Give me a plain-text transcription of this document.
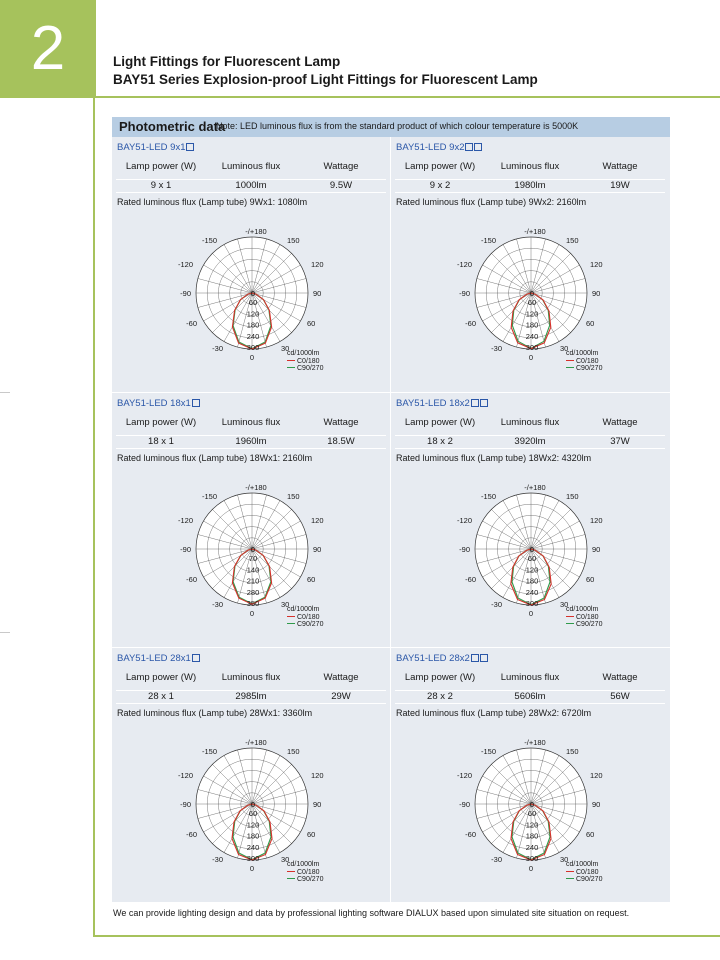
2	Light Fittings for Fluorescent Lamp
BAY51 Series Explosion-proof Light Fittings for Fluorescent Lamp
Photometric data
Note: LED luminous flux is from the standard product of which colour temperature is 5000K
BAY51-LED 9x1
Lamp power (W)	Luminous flux	Wattage
9 x 1	1000lm	9.5W
Rated luminous flux (Lamp tube) 9Wx1: 1080lm
cd/1000lm
C0/180
C90/270
0
60
120
180
240
300
-/+180
150
120
90
60
30
0
-30
-60
-90
-120
-150
BAY51-LED 9x2
Lamp power (W)	Luminous flux	Wattage
9 x 2	1980lm	19W
Rated luminous flux (Lamp tube) 9Wx2: 2160lm
cd/1000lm
C0/180
C90/270
0
60
120
180
240
300
-/+180
150
120
90
60
30
0
-30
-60
-90
-120
-150
BAY51-LED 18x1
Lamp power (W)	Luminous flux	Wattage
18 x 1	1960lm	18.5W
Rated luminous flux (Lamp tube) 18Wx1: 2160lm
cd/1000lm
C0/180
C90/270
0
70
140
210
280
350
-/+180
150
120
90
60
30
0
-30
-60
-90
-120
-150
BAY51-LED 18x2
Lamp power (W)	Luminous flux	Wattage
18 x 2	3920lm	37W
Rated luminous flux (Lamp tube) 18Wx2: 4320lm
cd/1000lm
C0/180
C90/270
0
60
120
180
240
300
-/+180
150
120
90
60
30
0
-30
-60
-90
-120
-150
BAY51-LED 28x1
Lamp power (W)	Luminous flux	Wattage
28 x 1	2985lm	29W
Rated luminous flux (Lamp tube) 28Wx1: 3360lm
cd/1000lm
C0/180
C90/270
0
60
120
180
240
300
-/+180
150
120
90
60
30
0
-30
-60
-90
-120
-150
BAY51-LED 28x2
Lamp power (W)	Luminous flux	Wattage
28 x 2	5606lm	56W
Rated luminous flux (Lamp tube) 28Wx2: 6720lm
cd/1000lm
C0/180
C90/270
0
60
120
180
240
300
-/+180
150
120
90
60
30
0
-30
-60
-90
-120
-150
We can provide lighting design and data by professional lighting software DIALUX based upon simulated site situation on request.
